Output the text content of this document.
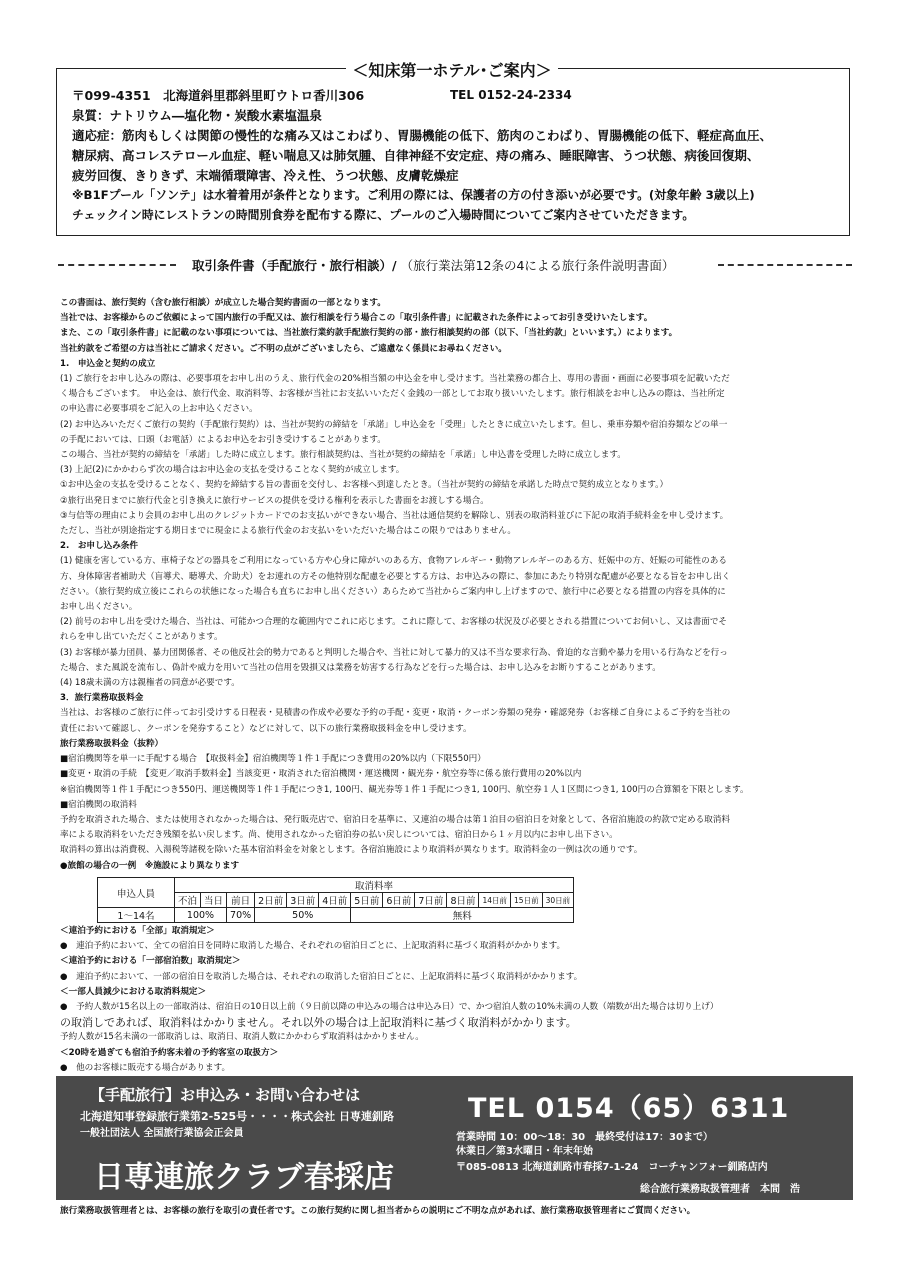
＜知床第一ホテル･ご案内＞
〒099-4351　北海道斜里郡斜里町ウトロ香川306	TEL 0152-24-2334
泉質：ナトリウム―塩化物・炭酸水素塩温泉
適応症：筋肉もしくは関節の慢性的な痛み又はこわばり、胃腸機能の低下、筋肉のこわばり、胃腸機能の低下、軽症高血圧、
糖尿病、高コレステロール血症、軽い喘息又は肺気腫、自律神経不安定症、痔の痛み、睡眠障害、うつ状態、病後回復期、
疲労回復、きりきず、末端循環障害、冷え性、うつ状態、皮膚乾燥症
※B1Fプール「ソンテ」は水着着用が条件となります。ご利用の際には、保護者の方の付き添いが必要です。(対象年齢 3歳以上)
チェックイン時にレストランの時間別食券を配布する際に、プールのご入場時間についてご案内させていただきます。
取引条件書（手配旅行・旅行相談）/ （旅行業法第12条の4による旅行条件説明書面）

この書面は、旅行契約（含む旅行相談）が成立した場合契約書面の一部となります。

当社では、お客様からのご依頼によって国内旅行の手配又は、旅行相談を行う場合この「取引条件書」に記載された条件によってお引き受けいたします。

また、この「取引条件書」に記載のない事項については、当社旅行業約款手配旅行契約の部・旅行相談契約の部（以下、「当社約款」といいます。）によります。

当社約款をご希望の方は当社にご請求ください。ご不明の点がございましたら、ご遠慮なく係員にお尋ねください。

1.　申込金と契約の成立

(1) ご旅行をお申し込みの際は、必要事項をお申し出のうえ、旅行代金の20%相当額の申込金を申し受けます。当社業務の都合上、専用の書面・画面に必要事項を記載いただ

く場合もございます。　申込金は、旅行代金、取消料等、お客様が当社にお支払いいただく金銭の一部としてお取り扱いいたします。旅行相談をお申し込みの際は、当社所定

の申込書に必要事項をご記入の上お申込ください。

(2) お申込みいただくご旅行の契約（手配旅行契約）は、当社が契約の締結を「承諾」し申込金を「受理」したときに成立いたします。但し、乗車券類や宿泊券類などの単一

の手配においては、口頭（お電話）によるお申込をお引き受けすることがあります。

この場合、当社が契約の締結を「承諾」した時に成立します。旅行相談契約は、当社が契約の締結を「承諾」し申込書を受理した時に成立します。

(3) 上記(2)にかかわらず次の場合はお申込金の支払を受けることなく契約が成立します。

①お申込金の支払を受けることなく、契約を締結する旨の書面を交付し、お客様へ到達したとき。（当社が契約の締結を承諾した時点で契約成立となります。）

②旅行出発日までに旅行代金と引き換えに旅行サービスの提供を受ける権利を表示した書面をお渡しする場合。

③与信等の理由により会員のお申し出のクレジットカードでのお支払いができない場合、当社は通信契約を解除し、別表の取消料並びに下記の取消手続料金を申し受けます。

ただし、当社が別途指定する期日までに現金による旅行代金のお支払いをいただいた場合はこの限りではありません。

2.　お申し込み条件

(1) 健康を害している方、車椅子などの器具をご利用になっている方や心身に障がいのある方、食物アレルギー・動物アレルギーのある方、妊娠中の方、妊娠の可能性のある

方、身体障害者補助犬（盲導犬、聴導犬、介助犬）をお連れの方その他特別な配慮を必要とする方は、お申込みの際に、参加にあたり特別な配慮が必要となる旨をお申し出く

ださい。（旅行契約成立後にこれらの状態になった場合も直ちにお申し出ください）あらためて当社からご案内申し上げますので、旅行中に必要となる措置の内容を具体的に

お申し出ください。

(2) 前号のお申し出を受けた場合、当社は、可能かつ合理的な範囲内でこれに応じます。これに際して、お客様の状況及び必要とされる措置についてお伺いし、又は書面でそ

れらを申し出ていただくことがあります。

(3) お客様が暴力団員、暴力団関係者、その他反社会的勢力であると判明した場合や、当社に対して暴力的又は不当な要求行為、脅迫的な言動や暴力を用いる行為などを行っ

た場合、また風説を流布し、偽計や威力を用いて当社の信用を毀損又は業務を妨害する行為などを行った場合は、お申し込みをお断りすることがあります。

(4) 18歳未満の方は親権者の同意が必要です。

3．旅行業務取扱料金

当社は、お客様のご旅行に伴ってお引受けする日程表・見積書の作成や必要な予約の手配・変更・取消・クーポン券類の発券・確認発券（お客様ご自身によるご予約を当社の

責任において確認し、クーポンを発券すること）などに対して、以下の旅行業務取扱料金を申し受けます。

旅行業務取扱料金（抜粋）

■宿泊機関等を単一に手配する場合　【取扱料金】宿泊機関等１件１手配につき費用の20%以内（下限550円）

■変更・取消の手続　【変更／取消手数料金】当該変更・取消された宿泊機関・運送機関・観光券・航空券等に係る旅行費用の20%以内

※宿泊機関等１件１手配につき550円、運送機関等１件１手配につき1, 100円、観光券等１件１手配につき1, 100円、航空券１人１区間につき1, 100円の合算額を下限とします。

■宿泊機関の取消料

予約を取消された場合、または使用されなかった場合は、発行販売店で、宿泊日を基準に、又連泊の場合は第１泊目の宿泊日を対象として、各宿泊施設の約款で定める取消料

率による取消料をいただき残額を払い戻します。尚、使用されなかった宿泊券の払い戻しについては、宿泊日から１ヶ月以内にお申し出下さい。

取消料の算出は消費税、入湯税等諸税を除いた基本宿泊料金を対象とします。各宿泊施設により取消料が異なります。取消料金の一例は次の通りです。

●旅館の場合の一例　※施設により異なります

申込人員	取消料率												
	不泊	当日	前日	2日前	3日前	4日前	5日前	6日前	7日前	8日前	14日前	15日前	30日前
1～14名	100%		70%	50%			無料						

＜連泊予約における「全部」取消規定＞

●　連泊予約において、全ての宿泊日を同時に取消した場合、それぞれの宿泊日ごとに、上記取消料に基づく取消料がかかります。

＜連泊予約における「一部宿泊数」取消規定＞

●　連泊予約において、一部の宿泊日を取消した場合は、それぞれの取消した宿泊日ごとに、上記取消料に基づく取消料がかかります。

＜一部人員減少における取消料規定＞

●　予約人数が15名以上の一部取消は、宿泊日の10日以上前（９日前以降の申込みの場合は申込み日）で、かつ宿泊人数の10%未満の人数（端数が出た場合は切り上げ）

の取消しであれば、取消料はかかりません。それ以外の場合は上記取消料に基づく取消料がかかります。

予約人数が15名未満の一部取消しは、取消日、取消人数にかかわらず取消料はかかりません。

＜20時を過ぎても宿泊予約客未着の予約客室の取扱方＞

●　他のお客様に販売する場合があります。

【手配旅行】お申込み・お問い合わせは
北海道知事登録旅行業第2-525号・・・・株式会社 日専連釧路
一般社団法人 全国旅行業協会正会員
日専連旅クラブ春採店
TEL 0154（65）6311
営業時間 10：00～18：30　最終受付は17：30まで）
休業日／第3水曜日・年末年始
〒085-0813 北海道釧路市春採7-1-24　コーチャンフォー釧路店内
総合旅行業務取扱管理者　本間　浩
旅行業務取扱管理者とは、お客様の旅行を取引の責任者です。この旅行契約に関し担当者からの説明にご不明な点があれば、旅行業務取扱管理者にご質問ください。
